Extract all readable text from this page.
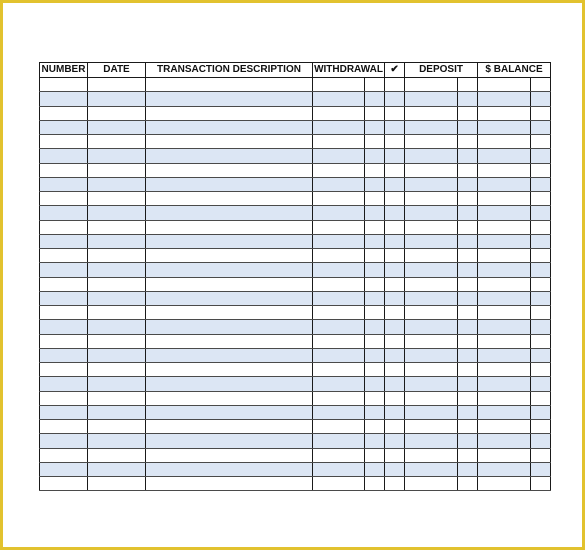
NUMBER	DATE	TRANSACTION DESCRIPTION	WITHDRAWAL		✔	DEPOSIT		$ BALANCE	
